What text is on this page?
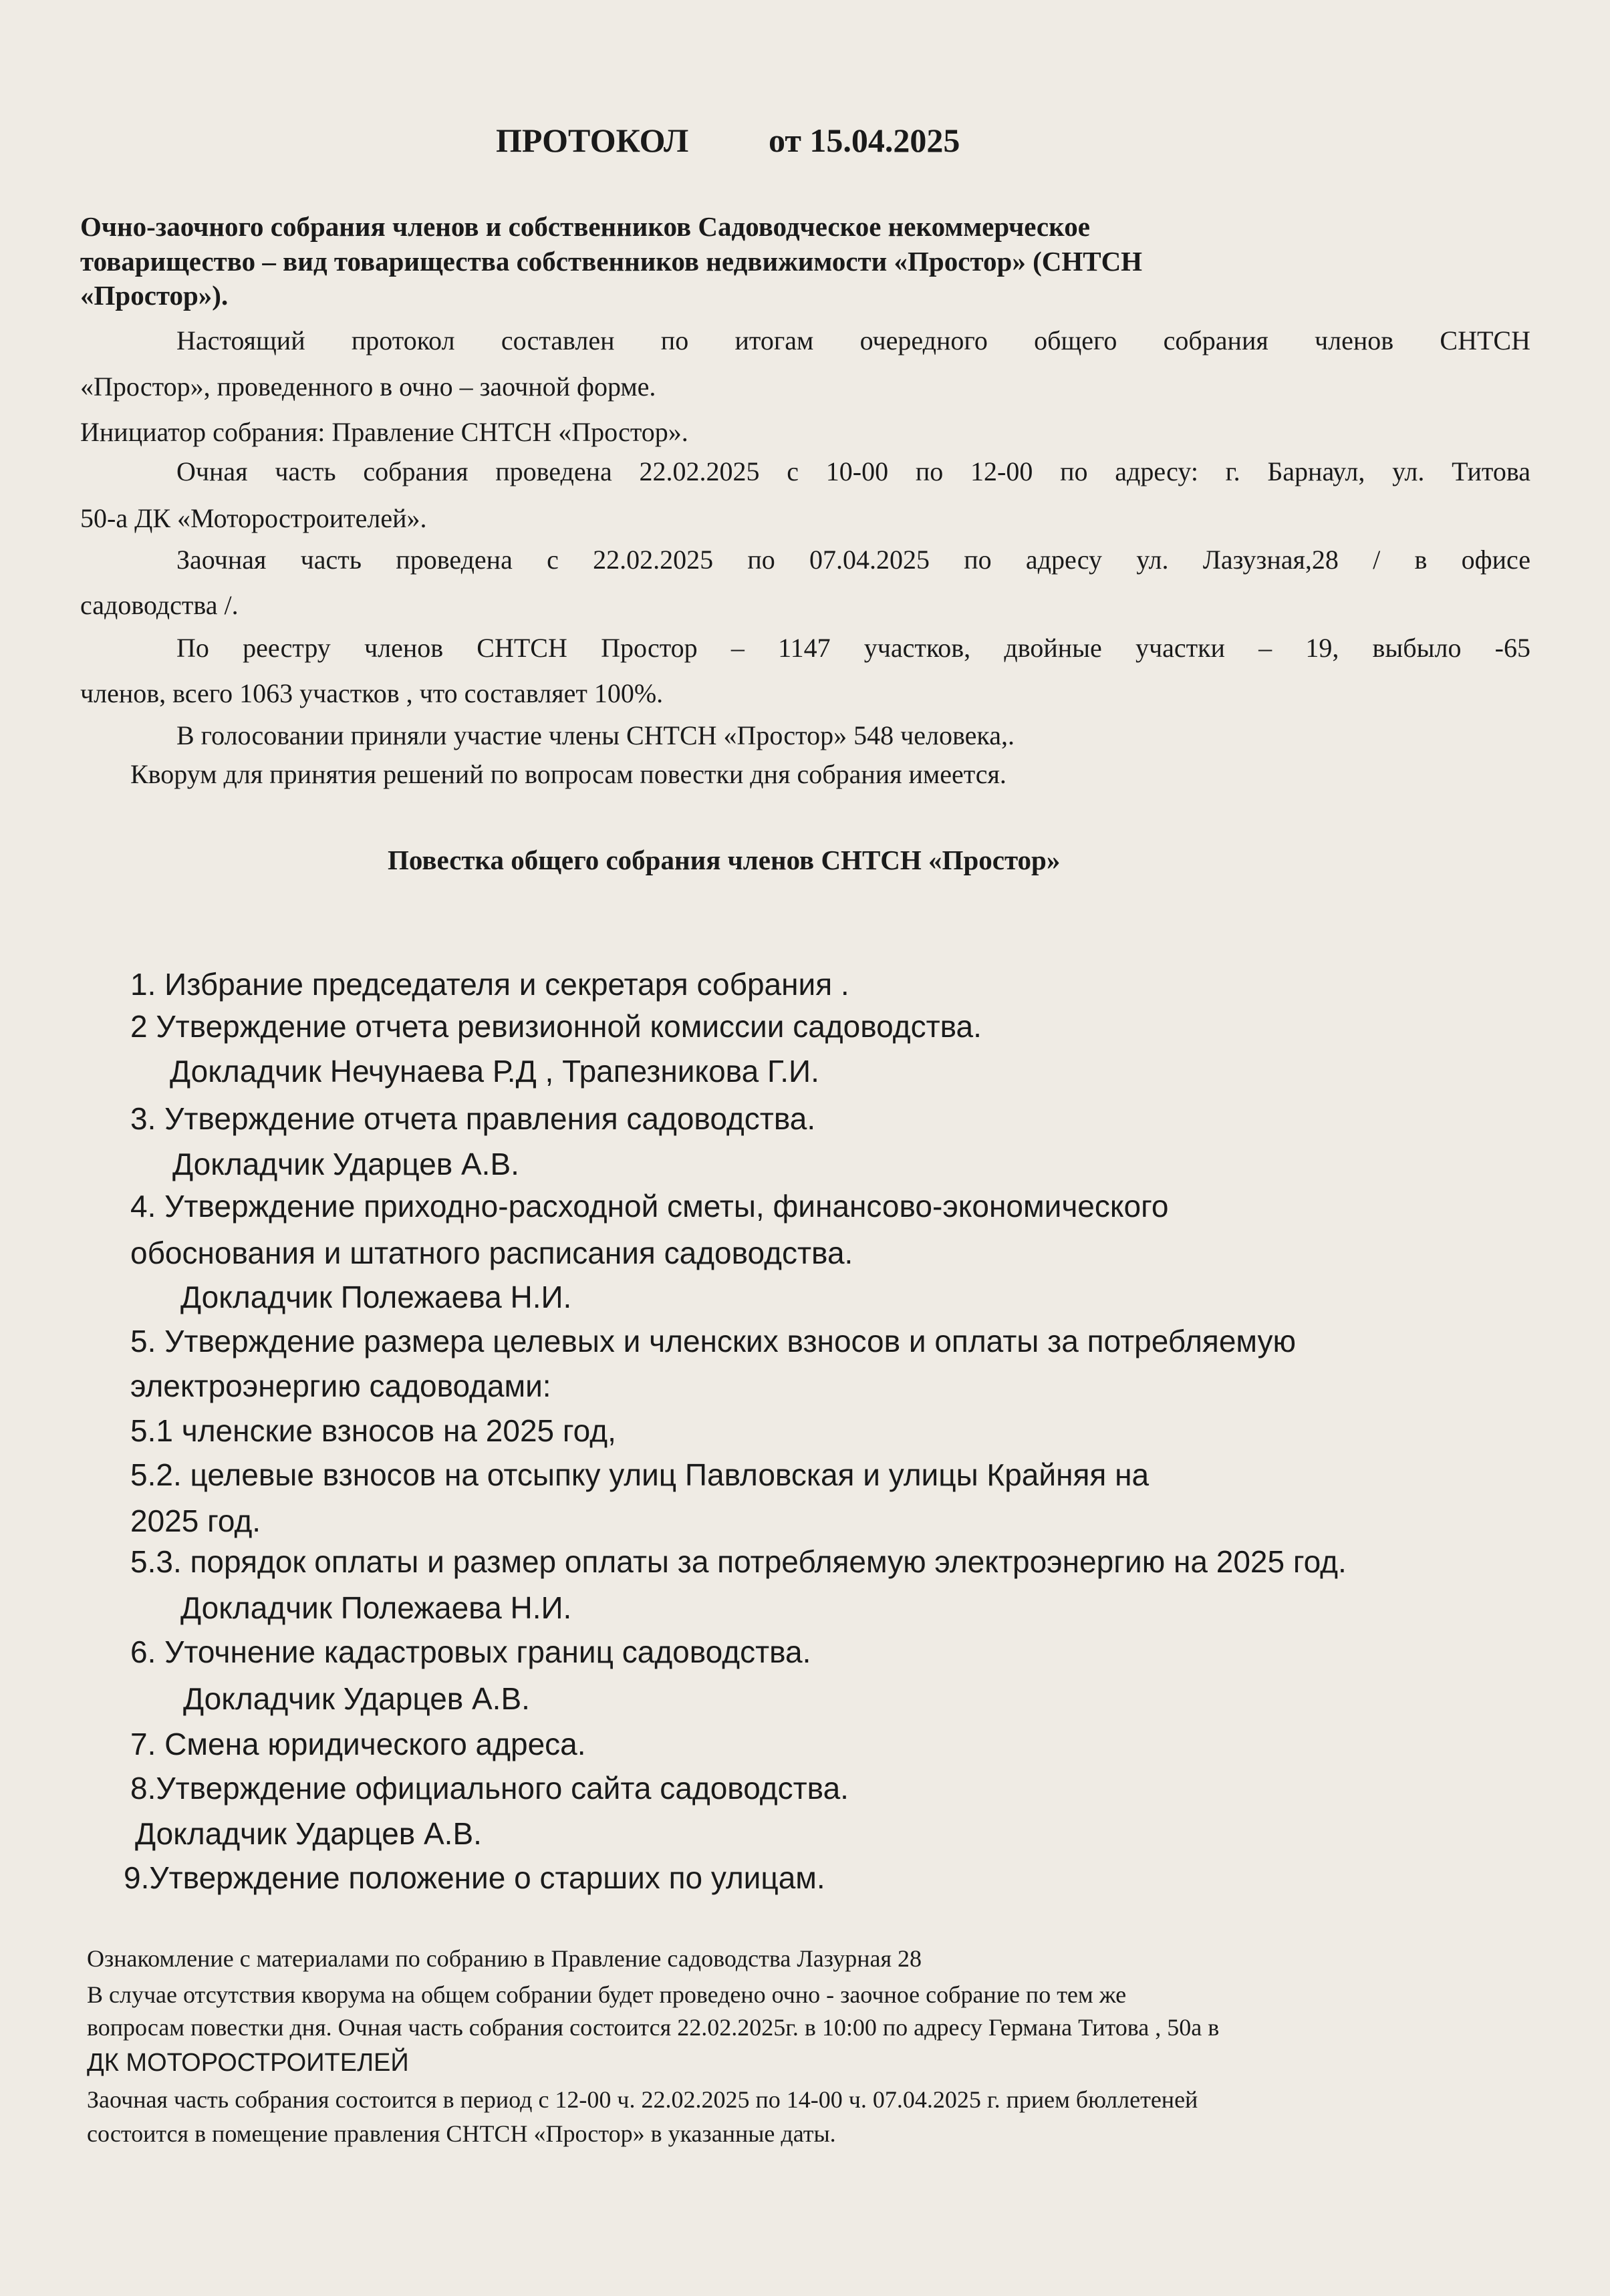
ПРОТОКОЛ от 15.04.2025
Очно-заочного собрания членов и собственников Садоводческое некоммерческое
товарищество – вид товарищества собственников недвижимости «Простор» (СНТСН
«Простор»).
Настоящий протокол составлен по итогам очередного общего собрания членов СНТСН
«Простор», проведенного в очно – заочной форме.
Инициатор собрания: Правление СНТСН «Простор».
Очная часть собрания проведена 22.02.2025 с 10-00 по 12-00 по адресу: г. Барнаул, ул. Титова
50-а ДК «Моторостроителей».
Заочная часть проведена с 22.02.2025 по 07.04.2025 по адресу ул. Лазузная,28 / в офисе
садоводства /.
По реестру членов СНТСН Простор – 1147 участков, двойные участки – 19, выбыло -65
членов, всего 1063 участков , что составляет 100%.
В голосовании приняли участие члены СНТСН «Простор» 548 человека,.
Кворум для принятия решений по вопросам повестки дня собрания имеется.
Повестка общего собрания членов СНТСН «Простор»
1. Избрание председателя и секретаря собрания .
2 Утверждение отчета ревизионной комиссии садоводства.
Докладчик Нечунаева Р.Д , Трапезникова Г.И.
3. Утверждение отчета правления садоводства.
Докладчик Ударцев А.В.
4. Утверждение приходно-расходной сметы, финансово-экономического
обоснования и штатного расписания садоводства.
Докладчик Полежаева Н.И.
5. Утверждение размера целевых и членских взносов и оплаты за потребляемую
электроэнергию садоводами:
5.1 членские взносов на 2025 год,
5.2. целевые взносов на отсыпку улиц Павловская и улицы Крайняя на
2025 год.
5.3. порядок оплаты и размер оплаты за потребляемую электроэнергию на 2025 год.
Докладчик Полежаева Н.И.
6. Уточнение кадастровых границ садоводства.
Докладчик Ударцев А.В.
7. Смена юридического адреса.
8.Утверждение официального сайта садоводства.
Докладчик Ударцев А.В.
9.Утверждение положение о старших по улицам.
Ознакомление с материалами по собранию в Правление садоводства Лазурная 28
В случае отсутствия кворума на общем собрании будет проведено очно - заочное собрание по тем же
вопросам повестки дня. Очная часть собрания состоится 22.02.2025г. в 10:00 по адресу Германа Титова , 50а в
ДК МОТОРОСТРОИТЕЛЕЙ
Заочная часть собрания состоится в период с 12-00 ч. 22.02.2025 по 14-00 ч. 07.04.2025 г. прием бюллетеней
состоится в помещение правления СНТСН «Простор» в указанные даты.
